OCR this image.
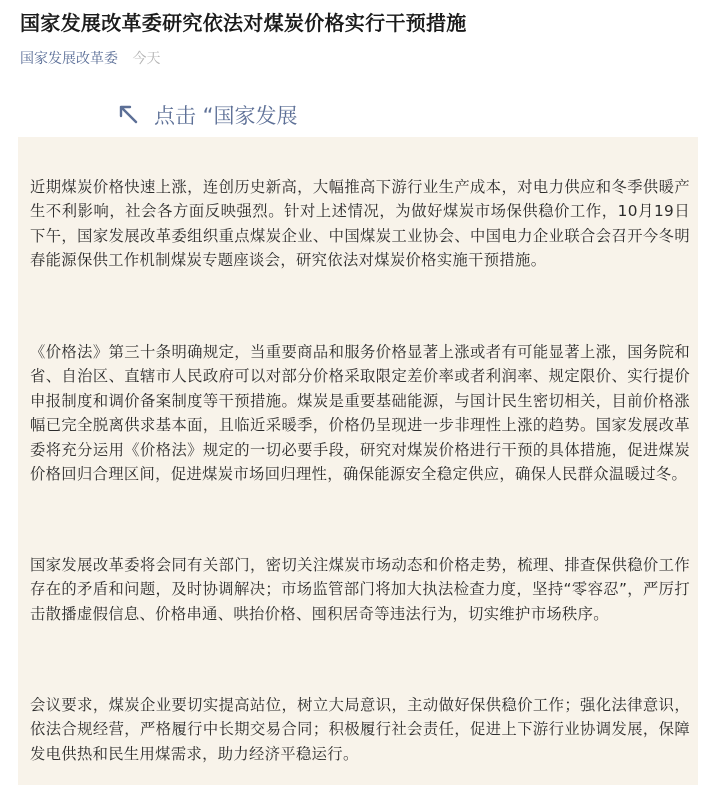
国家发展改革委研究依法对煤炭价格实行干预措施
国家发展改革委 今天
点击 “国家发展

近期煤炭价格快速上涨，连创历史新高，大幅推高下游行业生产成本，对电力供应和冬季供暖产生不利影响，社会各方面反映强烈。针对上述情况，为做好煤炭市场保供稳价工作，10月19日下午，国家发展改革委组织重点煤炭企业、中国煤炭工业协会、中国电力企业联合会召开今冬明春能源保供工作机制煤炭专题座谈会，研究依法对煤炭价格实施干预措施。

《价格法》第三十条明确规定，当重要商品和服务价格显著上涨或者有可能显著上涨，国务院和省、自治区、直辖市人民政府可以对部分价格采取限定差价率或者利润率、规定限价、实行提价申报制度和调价备案制度等干预措施。煤炭是重要基础能源，与国计民生密切相关，目前价格涨幅已完全脱离供求基本面，且临近采暖季，价格仍呈现进一步非理性上涨的趋势。国家发展改革委将充分运用《价格法》规定的一切必要手段，研究对煤炭价格进行干预的具体措施，促进煤炭价格回归合理区间，促进煤炭市场回归理性，确保能源安全稳定供应，确保人民群众温暖过冬。

国家发展改革委将会同有关部门，密切关注煤炭市场动态和价格走势，梳理、排查保供稳价工作存在的矛盾和问题，及时协调解决；市场监管部门将加大执法检查力度，坚持“零容忍”，严厉打击散播虚假信息、价格串通、哄抬价格、囤积居奇等违法行为，切实维护市场秩序。

会议要求，煤炭企业要切实提高站位，树立大局意识，主动做好保供稳价工作；强化法律意识，依法合规经营，严格履行中长期交易合同；积极履行社会责任，促进上下游行业协调发展，保障发电供热和民生用煤需求，助力经济平稳运行。
